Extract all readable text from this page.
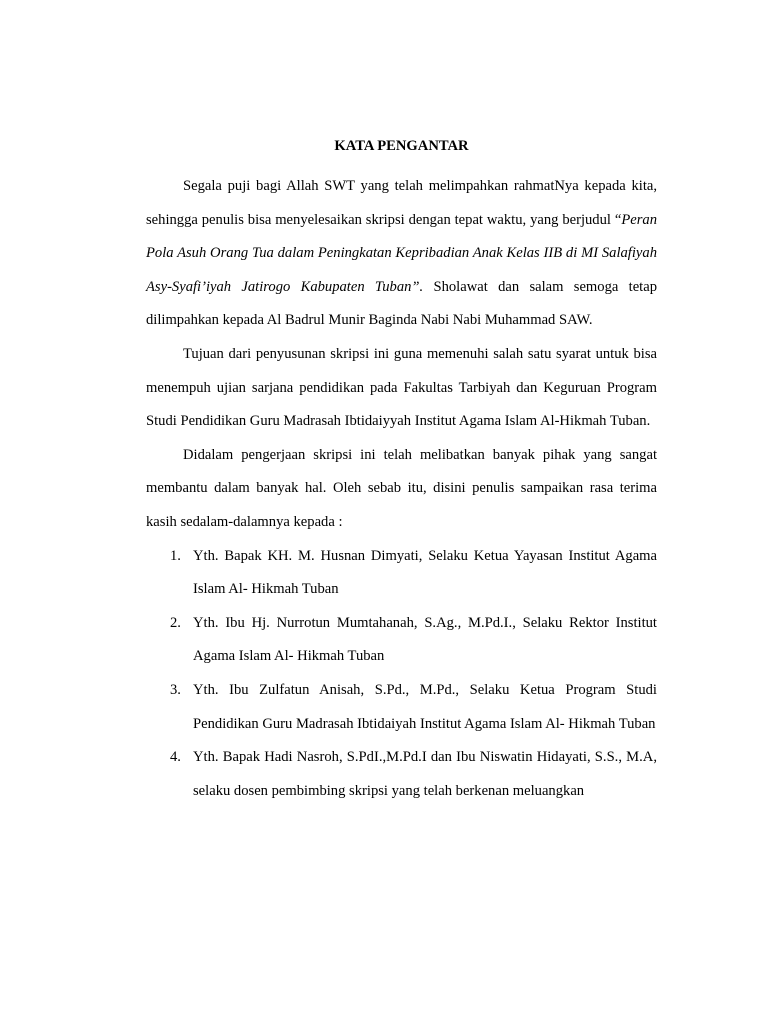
KATA PENGANTAR

Segala puji bagi Allah SWT yang telah melimpahkan rahmatNya kepada kita, sehingga penulis bisa menyelesaikan skripsi dengan tepat waktu, yang berjudul “Peran Pola Asuh Orang Tua dalam Peningkatan Kepribadian Anak Kelas IIB di MI Salafiyah Asy-Syafi’iyah Jatirogo Kabupaten Tuban”. Sholawat dan salam semoga tetap dilimpahkan kepada Al Badrul Munir Baginda Nabi Nabi Muhammad SAW.

Tujuan dari penyusunan skripsi ini guna memenuhi salah satu syarat untuk bisa menempuh ujian sarjana pendidikan pada Fakultas Tarbiyah dan Keguruan Program Studi Pendidikan Guru Madrasah Ibtidaiyyah Institut Agama Islam Al-Hikmah Tuban.

Didalam pengerjaan skripsi ini telah melibatkan banyak pihak yang sangat membantu dalam banyak hal. Oleh sebab itu, disini penulis sampaikan rasa terima kasih sedalam-dalamnya kepada :

1. Yth. Bapak KH. M. Husnan Dimyati, Selaku Ketua Yayasan Institut Agama Islam Al- Hikmah Tuban
2. Yth. Ibu Hj. Nurrotun Mumtahanah, S.Ag., M.Pd.I., Selaku Rektor Institut Agama Islam Al- Hikmah Tuban
3. Yth. Ibu Zulfatun Anisah, S.Pd., M.Pd., Selaku Ketua Program Studi Pendidikan Guru Madrasah Ibtidaiyah Institut Agama Islam Al- Hikmah Tuban
4. Yth. Bapak Hadi Nasroh, S.PdI.,M.Pd.I dan Ibu Niswatin Hidayati, S.S., M.A, selaku dosen pembimbing skripsi yang telah berkenan meluangkan
